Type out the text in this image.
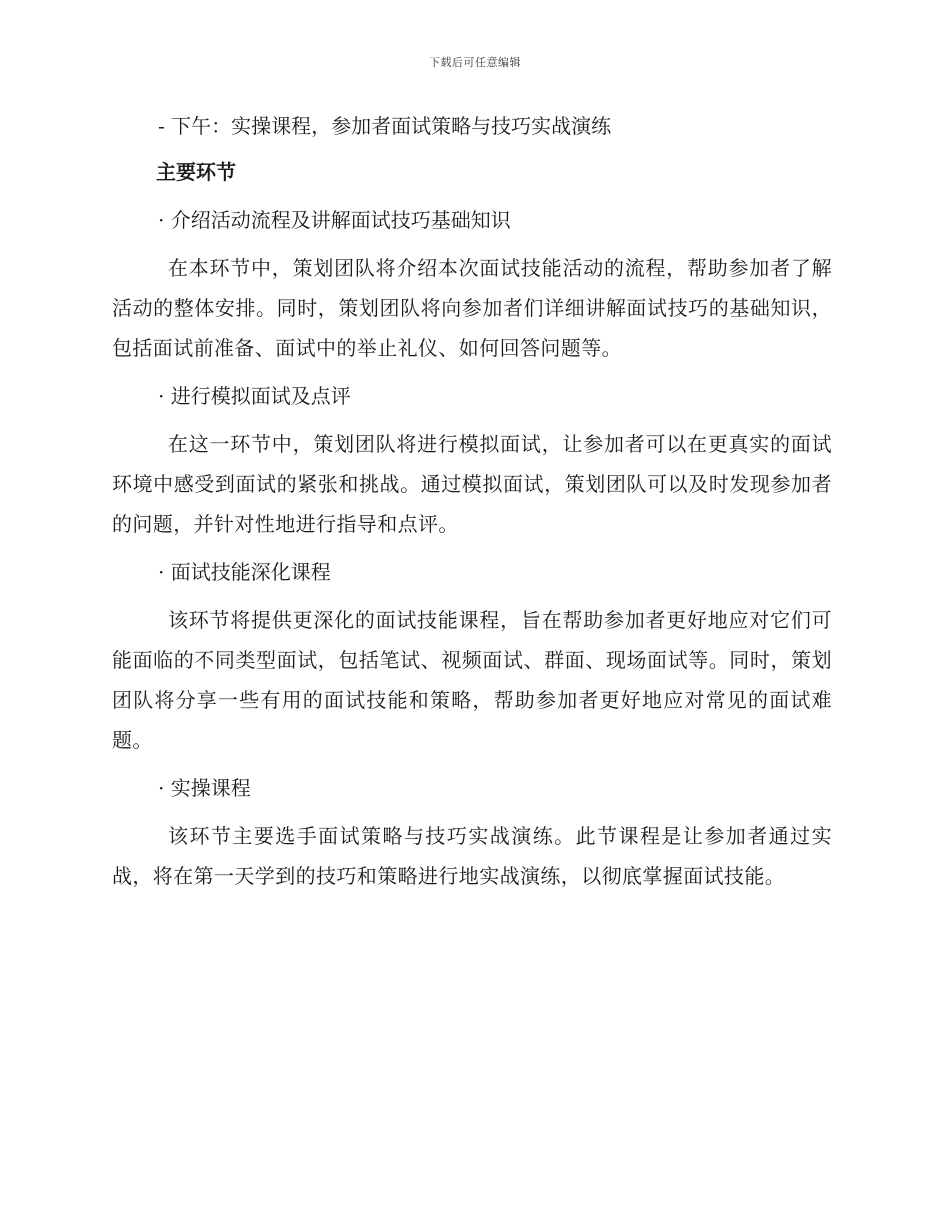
下载后可任意编辑
- 下午：实操课程，参加者面试策略与技巧实战演练
主要环节
· 介绍活动流程及讲解面试技巧基础知识

在本环节中，策划团队将介绍本次面试技能活动的流程，帮助参加者了解活动的整体安排。同时，策划团队将向参加者们详细讲解面试技巧的基础知识，包括面试前准备、面试中的举止礼仪、如何回答问题等。

· 进行模拟面试及点评

在这一环节中，策划团队将进行模拟面试，让参加者可以在更真实的面试环境中感受到面试的紧张和挑战。通过模拟面试，策划团队可以及时发现参加者的问题，并针对性地进行指导和点评。

· 面试技能深化课程

该环节将提供更深化的面试技能课程，旨在帮助参加者更好地应对它们可能面临的不同类型面试，包括笔试、视频面试、群面、现场面试等。同时，策划团队将分享一些有用的面试技能和策略，帮助参加者更好地应对常见的面试难题。

· 实操课程

该环节主要选手面试策略与技巧实战演练。此节课程是让参加者通过实战，将在第一天学到的技巧和策略进行地实战演练，以彻底掌握面试技能。
